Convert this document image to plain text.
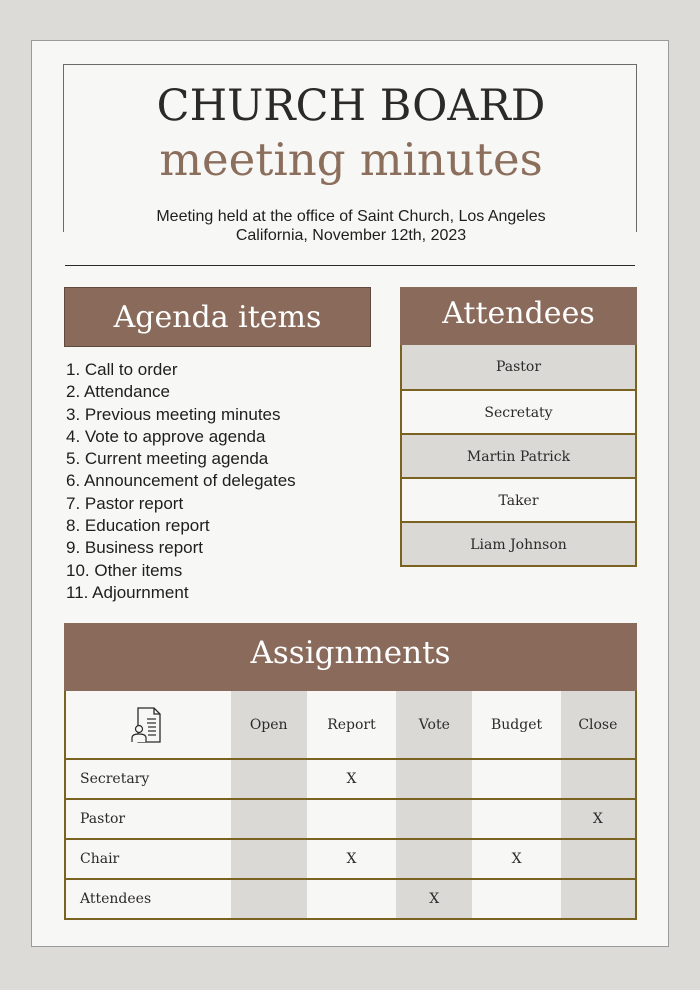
CHURCH BOARD
meeting minutes
Meeting held at the office of Saint Church, Los Angeles
California, November 12th, 2023
Agenda items
1. Call to order
2. Attendance
3. Previous meeting minutes
4. Vote to approve agenda
5. Current meeting agenda
6. Announcement of delegates
7. Pastor report
8. Education report
9. Business report
10. Other items
11. Adjournment
Attendees
Pastor
Secretaty
Martin Patrick
Taker
Liam Johnson
Assignments
	Open	Report	Vote	Budget	Close
Secretary		X			
Pastor					X
Chair		X		X	
Attendees			X		
